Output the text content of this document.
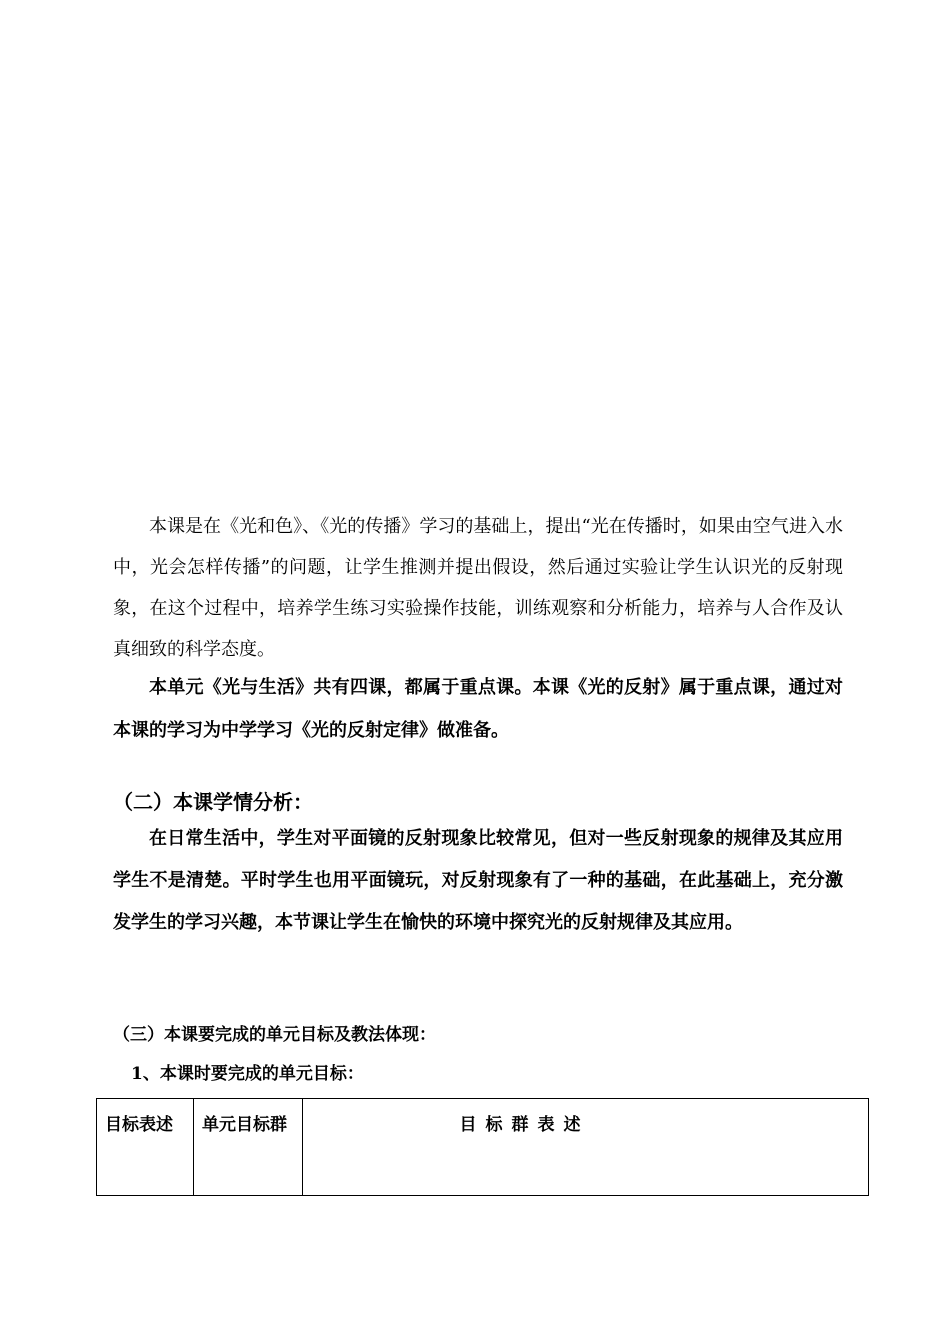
本课是在《光和色》、《光的传播》学习的基础上，提出“光在传播时，如果由空气进入水中，光会怎样传播”的问题，让学生推测并提出假设，然后通过实验让学生认识光的反射现象，在这个过程中，培养学生练习实验操作技能，训练观察和分析能力，培养与人合作及认真细致的科学态度。

本单元《光与生活》共有四课，都属于重点课。本课《光的反射》属于重点课，通过对本课的学习为中学学习《光的反射定律》做准备。

（二）本课学情分析：

在日常生活中，学生对平面镜的反射现象比较常见，但对一些反射现象的规律及其应用学生不是清楚。平时学生也用平面镜玩，对反射现象有了一种的基础，在此基础上，充分激发学生的学习兴趣，本节课让学生在愉快的环境中探究光的反射规律及其应用。

（三）本课要完成的单元目标及教法体现：
1、本课时要完成的单元目标：
目标表述	单元目标群	目标群表述
